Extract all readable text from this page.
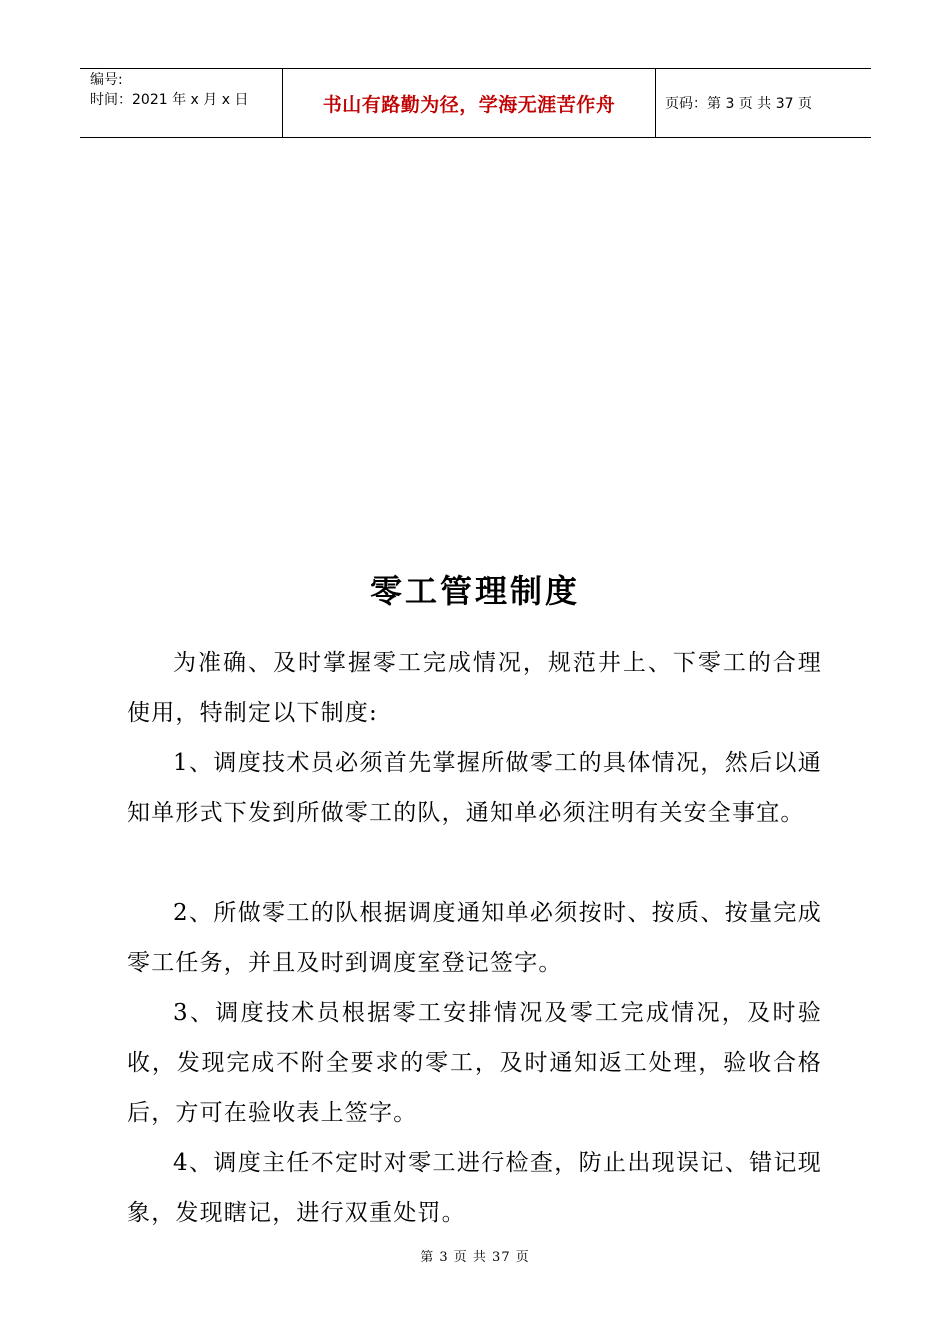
编号:
时间：2021 年 x 月 x 日	书山有路勤为径，学海无涯苦作舟	页码：第 3 页 共 37 页
零工管理制度

为准确、及时掌握零工完成情况，规范井上、下零工的合理使用，特制定以下制度:

1、调度技术员必须首先掌握所做零工的具体情况，然后以通知单形式下发到所做零工的队，通知单必须注明有关安全事宜。

2、所做零工的队根据调度通知单必须按时、按质、按量完成零工任务，并且及时到调度室登记签字。

3、调度技术员根据零工安排情况及零工完成情况，及时验收，发现完成不附全要求的零工，及时通知返工处理，验收合格后，方可在验收表上签字。

4、调度主任不定时对零工进行检查，防止出现误记、错记现象，发现瞎记，进行双重处罚。

第 3 页 共 37 页
